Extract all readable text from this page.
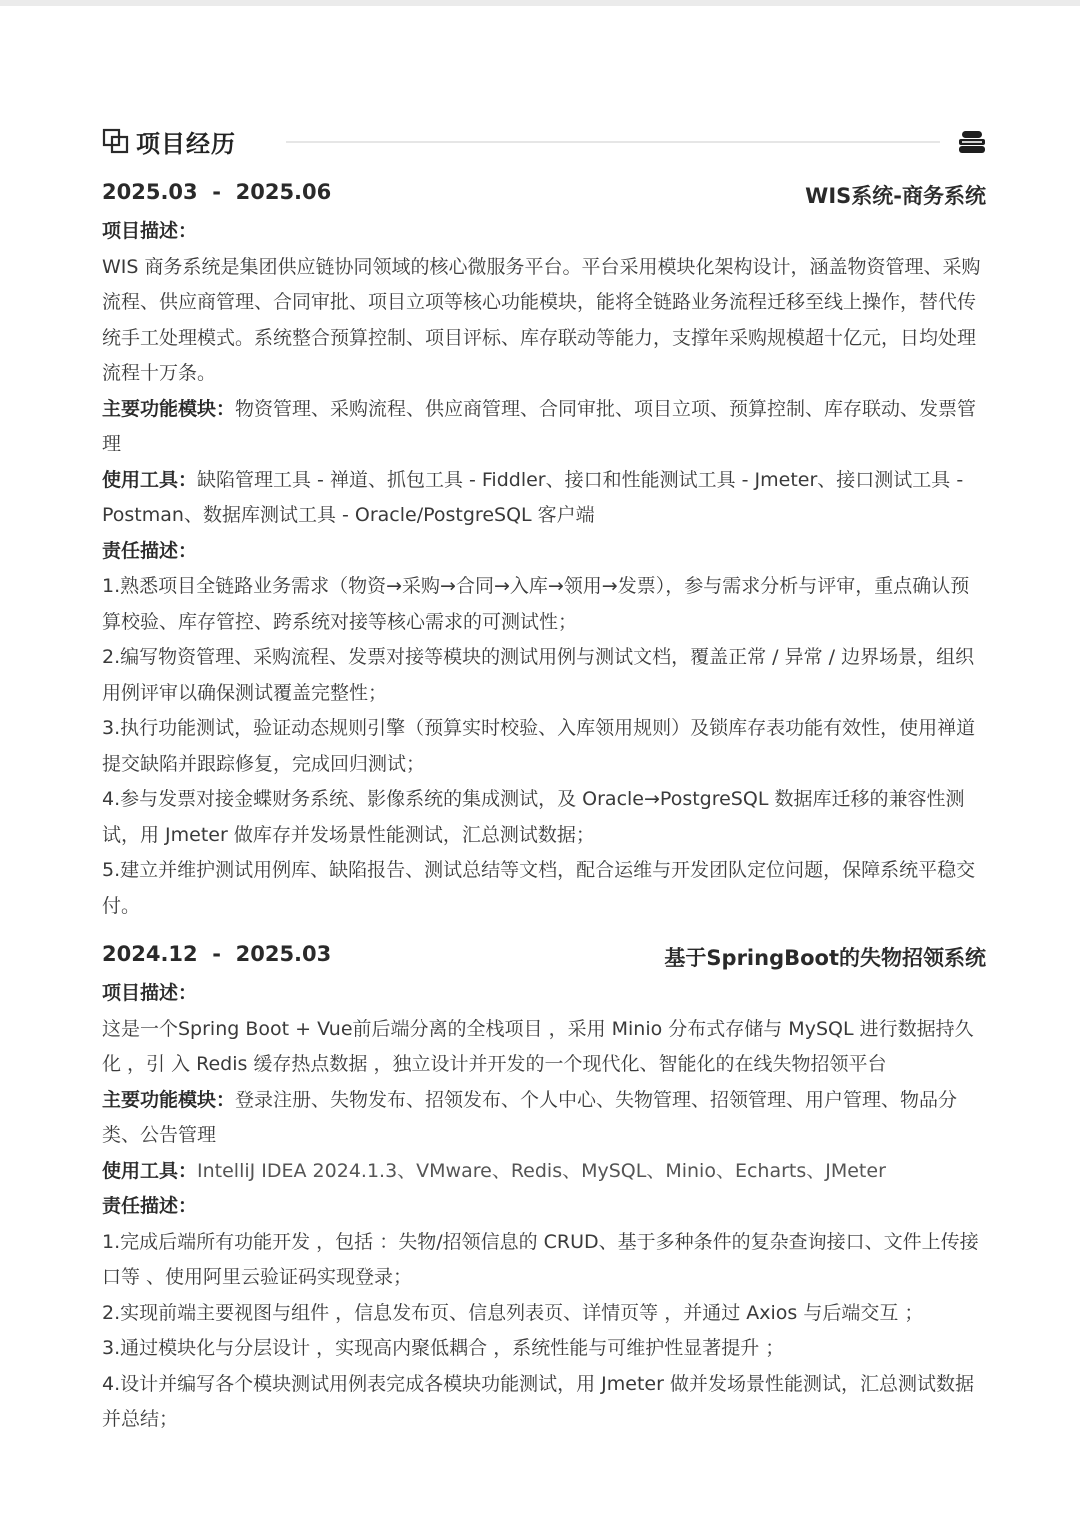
项目经历
2025.03  -  2025.06	WIS系统-商务系统
项目描述：

WIS 商务系统是集团供应链协同领域的核心微服务平台。平台采用模块化架构设计，涵盖物资管理、采购流程、供应商管理、合同审批、项目立项等核心功能模块，能将全链路业务流程迁移至线上操作，替代传统手工处理模式。系统整合预算控制、项目评标、库存联动等能力，支撑年采购规模超十亿元，日均处理流程十万条。

主要功能模块：物资管理、采购流程、供应商管理、合同审批、项目立项、预算控制、库存联动、发票管理

使用工具：缺陷管理工具 - 禅道、抓包工具 - Fiddler、接口和性能测试工具 - Jmeter、接口测试工具 - Postman、数据库测试工具 - Oracle/PostgreSQL 客户端

责任描述：

1.熟悉项目全链路业务需求（物资→采购→合同→入库→领用→发票），参与需求分析与评审，重点确认预算校验、库存管控、跨系统对接等核心需求的可测试性；

2.编写物资管理、采购流程、发票对接等模块的测试用例与测试文档，覆盖正常 / 异常 / 边界场景，组织用例评审以确保测试覆盖完整性；

3.执行功能测试，验证动态规则引擎（预算实时校验、入库领用规则）及锁库存表功能有效性，使用禅道提交缺陷并跟踪修复，完成回归测试；

4.参与发票对接金蝶财务系统、影像系统的集成测试，及 Oracle→PostgreSQL 数据库迁移的兼容性测试，用 Jmeter 做库存并发场景性能测试，汇总测试数据；

5.建立并维护测试用例库、缺陷报告、测试总结等文档，配合运维与开发团队定位问题，保障系统平稳交付。

2024.12  -  2025.03	基于SpringBoot的失物招领系统
项目描述：

这是一个Spring Boot + Vue前后端分离的全栈项目 ，采用 Minio 分布式存储与 MySQL 进行数据持久化 ，引 入 Redis 缓存热点数据 ，独立设计并开发的一个现代化、智能化的在线失物招领平台

主要功能模块：登录注册、失物发布、招领发布、个人中心、失物管理、招领管理、用户管理、物品分类、公告管理

使用工具：IntelliJ IDEA 2024.1.3、VMware、Redis、MySQL、Minio、Echarts、JMeter

责任描述：

1.完成后端所有功能开发 ，包括 ：失物/招领信息的 CRUD、基于多种条件的复杂查询接口、文件上传接口等 、使用阿里云验证码实现登录；

2.实现前端主要视图与组件 ，信息发布页、信息列表页、详情页等 ，并通过 Axios 与后端交互 ；

3.通过模块化与分层设计 ，实现高内聚低耦合 ，系统性能与可维护性显著提升 ；

4.设计并编写各个模块测试用例表完成各模块功能测试，用 Jmeter 做并发场景性能测试，汇总测试数据并总结；
